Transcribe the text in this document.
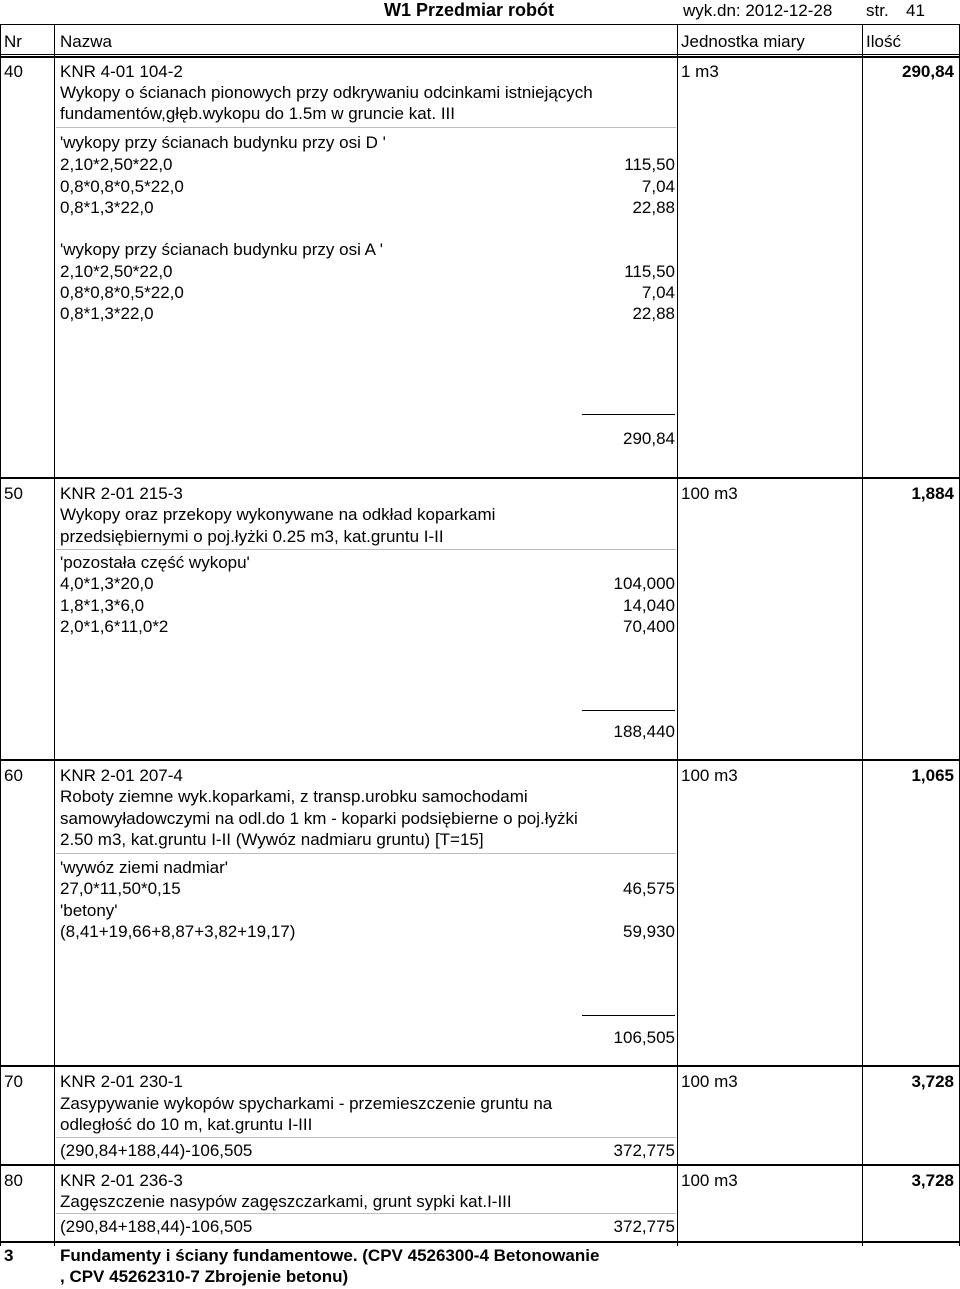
W1 Przedmiar robót	wyk.dn: 2012-12-28 str. 41
Nr Nazwa	Jednostka miary	Ilość
40 KNR 4-01 104-2
Wykopy o ścianach pionowych przy odkrywaniu odcinkami istniejących
fundamentów,głęb.wykopu do 1.5m w gruncie kat. III
1 m3	290,84
'wykopy przy ścianach budynku przy osi D '
2,10*2,50*22,0	115,50
0,8*0,8*0,5*22,0	7,04
0,8*1,3*22,0	22,88
'wykopy przy ścianach budynku przy osi A '
2,10*2,50*22,0	115,50
0,8*0,8*0,5*22,0	7,04
0,8*1,3*22,0	22,88
290,84
50 KNR 2-01 215-3
Wykopy oraz przekopy wykonywane na odkład koparkami
przedsiębiernymi o poj.łyżki 0.25 m3, kat.gruntu I-II
100 m3	1,884
'pozostała część wykopu'
4,0*1,3*20,0	104,000
1,8*1,3*6,0	14,040
2,0*1,6*11,0*2	70,400
188,440
60 KNR 2-01 207-4
Roboty ziemne wyk.koparkami, z transp.urobku samochodami
samowyładowczymi na odl.do 1 km - koparki podsiębierne o poj.łyżki
2.50 m3, kat.gruntu I-II (Wywóz nadmiaru gruntu) [T=15]
100 m3	1,065
'wywóz ziemi nadmiar'
27,0*11,50*0,15	46,575
'betony'
(8,41+19,66+8,87+3,82+19,17)	59,930
106,505
70 KNR 2-01 230-1
Zasypywanie wykopów spycharkami - przemieszczenie gruntu na
odległość do 10 m, kat.gruntu I-III
100 m3	3,728
(290,84+188,44)-106,505	372,775
80 KNR 2-01 236-3
Zagęszczenie nasypów zagęszczarkami, grunt sypki kat.I-III
100 m3	3,728
(290,84+188,44)-106,505	372,775
3	Fundamenty i ściany fundamentowe. (CPV 4526300-4 Betonowanie
, CPV 45262310-7 Zbrojenie betonu)
